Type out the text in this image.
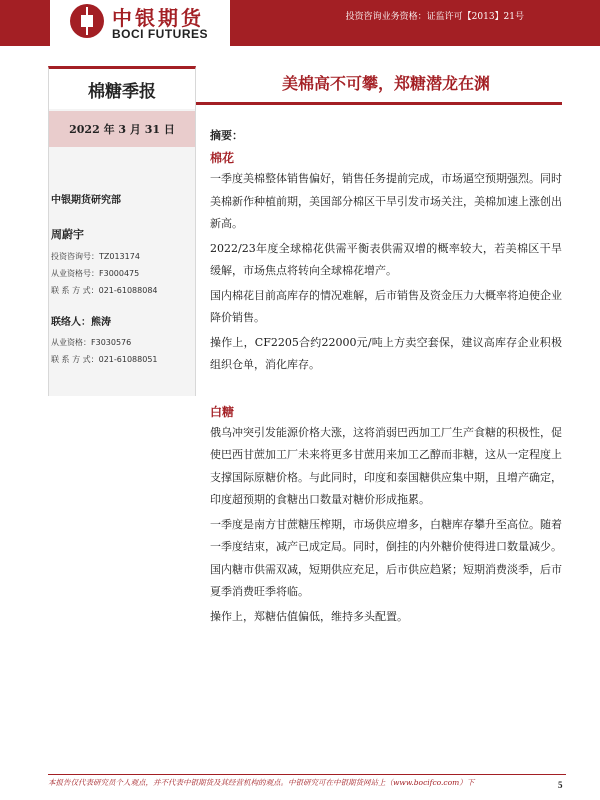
中银期货
BOCI FUTURES
投资咨询业务资格：证监许可【2013】21号
棉糖季报
2022 年 3 月 31 日
中银期货研究部
周蔚宇
投资咨询号：TZ013174
从业资格号：F3000475
联 系 方 式：021-61088084
联络人：熊涛
从业资格：F3030576
联 系 方 式：021-61088051
美棉高不可攀，郑糖潜龙在渊
摘要：
棉花

一季度美棉整体销售偏好，销售任务提前完成，市场逼空预期强烈。同时美棉新作种植前期，美国部分棉区干旱引发市场关注，美棉加速上涨创出新高。

2022/23年度全球棉花供需平衡表供需双增的概率较大，若美棉区干旱缓解，市场焦点将转向全球棉花增产。

国内棉花目前高库存的情况难解，后市销售及资金压力大概率将迫使企业降价销售。

操作上，CF2205合约22000元/吨上方卖空套保，建议高库存企业积极组织仓单，消化库存。

白糖

俄乌冲突引发能源价格大涨，这将消弱巴西加工厂生产食糖的积极性，促使巴西甘蔗加工厂未来将更多甘蔗用来加工乙醇而非糖，这从一定程度上支撑国际原糖价格。与此同时，印度和泰国糖供应集中期，且增产确定，印度超预期的食糖出口数量对糖价形成拖累。

一季度是南方甘蔗糖压榨期，市场供应增多，白糖库存攀升至高位。随着一季度结束，减产已成定局。同时，倒挂的内外糖价使得进口数量减少。国内糖市供需双减，短期供应充足，后市供应趋紧；短期消费淡季，后市夏季消费旺季将临。

操作上，郑糖估值偏低，维持多头配置。

本报告仅代表研究员个人观点，并不代表中银期货及其经营机构的观点。中银研究可在中银期货网站上（www.bocifco.com）下	5
